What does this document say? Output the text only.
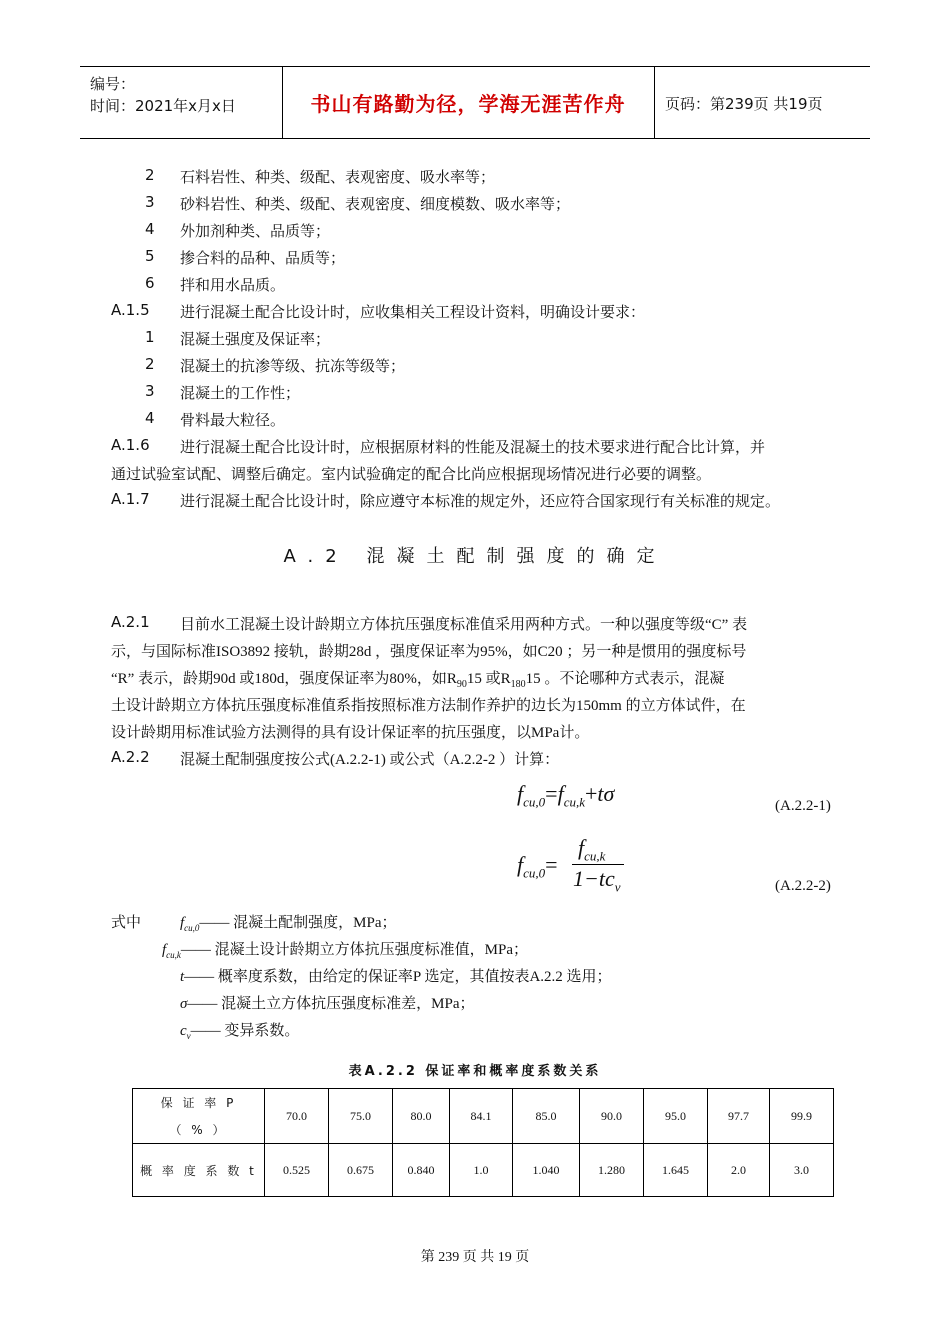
编号：
时间：2021年x月x日	书山有路勤为径，学海无涯苦作舟	页码：第239页 共19页
2 石料岩性、种类、级配、表观密度、吸水率等；
3 砂料岩性、种类、级配、表观密度、细度模数、吸水率等；
4 外加剂种类、品质等；
5 掺合料的品种、品质等；
6 拌和用水品质。
A.1.5 进行混凝土配合比设计时，应收集相关工程设计资料，明确设计要求：
1 混凝土强度及保证率；
2 混凝土的抗渗等级、抗冻等级等；
3 混凝土的工作性；
4 骨料最大粒径。
A.1.6 进行混凝土配合比设计时，应根据原材料的性能及混凝土的技术要求进行配合比计算，并
通过试验室试配、调整后确定。室内试验确定的配合比尚应根据现场情况进行必要的调整。
A.1.7 进行混凝土配合比设计时，除应遵守本标准的规定外，还应符合国家现行有关标准的规定。
A.2 混凝土配制强度的确定
A.2.1 目前水工混凝土设计龄期立方体抗压强度标准值采用两种方式。一种以强度等级“C” 表
示，与国际标准ISO3892 接轨，龄期28d ，强度保证率为95%，如C20 ；另一种是惯用的强度标号
“R” 表示，龄期90d 或180d，强度保证率为80%，如$R_{90}15$ 或$R_{180}15$ 。不论哪种方式表示，混凝
土设计龄期立方体抗压强度标准值系指按照标准方法制作养护的边长为150mm 的立方体试件，在
设计龄期用标准试验方法测得的具有设计保证率的抗压强度，以MPa计。
A.2.2 混凝土配制强度按公式(A.2.2-1) 或公式（A.2.2-2 ）计算：
$f_{cu,0}=f_{cu,k}+t\sigma$	(A.2.2-1)
$f_{cu,0}=$
$f_{cu,k}$
$1-tc_v$	(A.2.2-2)
式中	$f_{cu,0}——$ 混凝土配制强度，MPa；
$f_{cu,k}——$ 混凝土设计龄期立方体抗压强度标准值，MPa；
t—— 概率度系数，由给定的保证率P 选定，其值按表A.2.2 选用；
σ—— 混凝土立方体抗压强度标准差，MPa；
$c_v——$ 变异系数。
表A.2.2 保证率和概率度系数关系
保 证 率 P
（ % ）	70.0	75.0	80.0	84.1	85.0	90.0	95.0	97.7	99.9
概 率 度 系 数 t	0.525	0.675	0.840	1.0	1.040	1.280	1.645	2.0	3.0
第 239 页 共 19 页
